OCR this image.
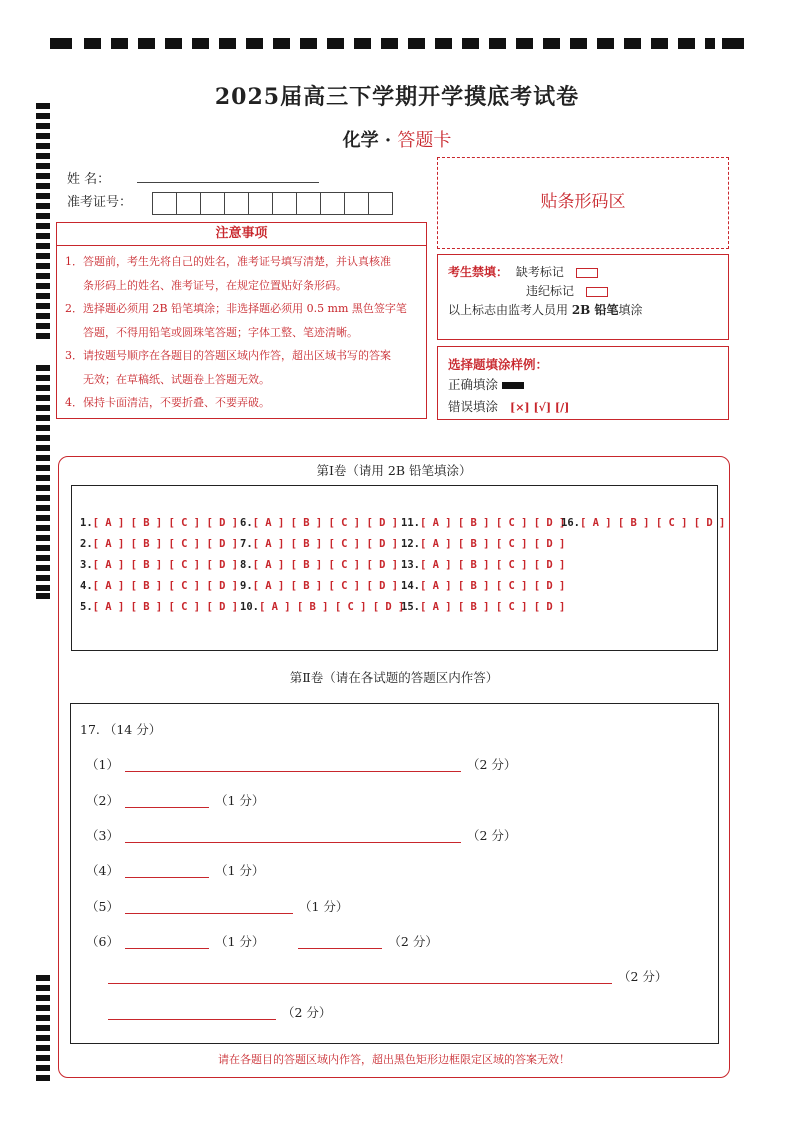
2025届高三下学期开学摸底考试卷
化学 · 答题卡
姓 名：
准考证号：	贴条形码区
注意事项

1．答题前，考生先将自己的姓名，准考证号填写清楚，并认真核准

条形码上的姓名、准考证号，在规定位置贴好条形码。

2．选择题必须用 2B 铅笔填涂；非选择题必须用 0.5 mm 黑色签字笔

答题，不得用铅笔或圆珠笔答题；字体工整、笔迹清晰。

3．请按题号顺序在各题目的答题区域内作答，超出区域书写的答案

无效；在草稿纸、试题卷上答题无效。

4．保持卡面清洁，不要折叠、不要弄破。

考生禁填： 缺考标记
违纪标记
以上标志由监考人员用 2B 铅笔填涂
选择题填涂样例：
正确填涂
错误填涂 [×] [√] [/]
第Ⅰ卷（请用 2B 铅笔填涂）
1.[ A ] [ B ] [ C ] [ D ]
2.[ A ] [ B ] [ C ] [ D ]
3.[ A ] [ B ] [ C ] [ D ]
4.[ A ] [ B ] [ C ] [ D ]
5.[ A ] [ B ] [ C ] [ D ]
6.[ A ] [ B ] [ C ] [ D ]
7.[ A ] [ B ] [ C ] [ D ]
8.[ A ] [ B ] [ C ] [ D ]
9.[ A ] [ B ] [ C ] [ D ]
10.[ A ] [ B ] [ C ] [ D ]
11.[ A ] [ B ] [ C ] [ D ]
12.[ A ] [ B ] [ C ] [ D ]
13.[ A ] [ B ] [ C ] [ D ]
14.[ A ] [ B ] [ C ] [ D ]
15.[ A ] [ B ] [ C ] [ D ]
16.[ A ] [ B ] [ C ] [ D ]
第Ⅱ卷（请在各试题的答题区内作答）
17. （14 分）
（1）	（2 分）
（2）	（1 分）
（3）	（2 分）
（4）	（1 分）
（5）	（1 分）
（6）	（1 分）	（2 分）
（2 分）
（2 分）
请在各题目的答题区域内作答，超出黑色矩形边框限定区域的答案无效！
